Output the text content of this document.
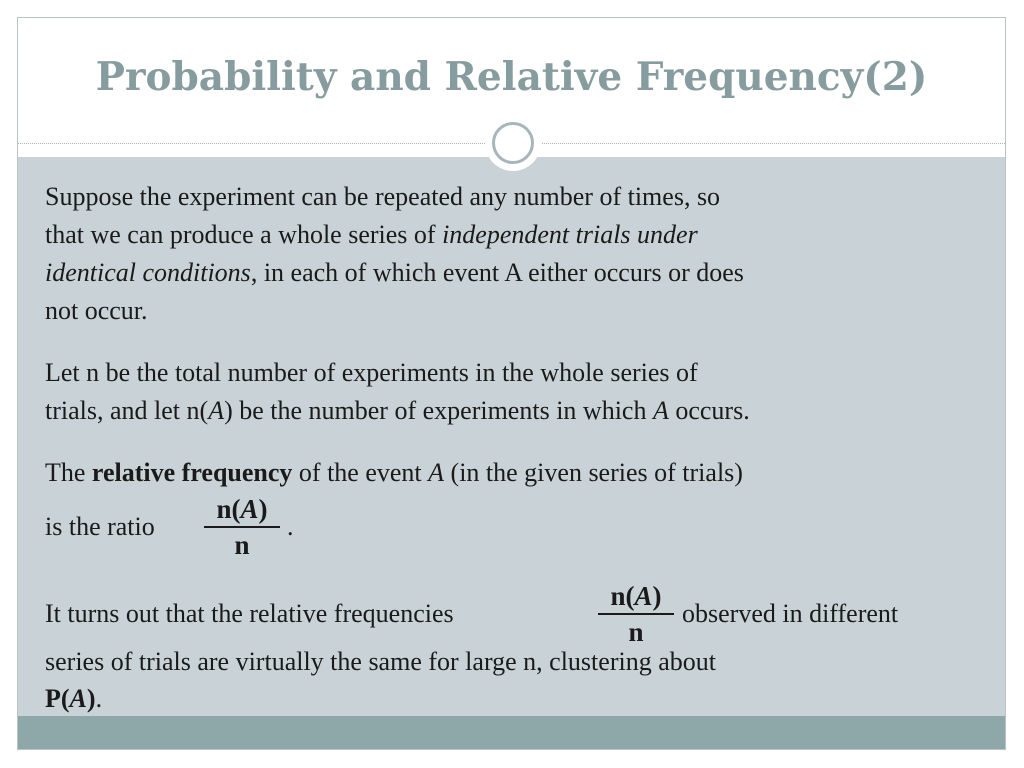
Probability and Relative Frequency(2)
Suppose the experiment can be repeated any number of times, so
that we can produce a whole series of independent trials under
identical conditions, in each of which event A either occurs or does
not occur.
Let n be the total number of experiments in the whole series of
trials, and let n(A) be the number of experiments in which A occurs.
The relative frequency of the event A (in the given series of trials)
is the ratio
n(A)
n
.
It turns out that the relative frequencies
n(A)
n
observed in different
series of trials are virtually the same for large n, clustering about
P(A).
